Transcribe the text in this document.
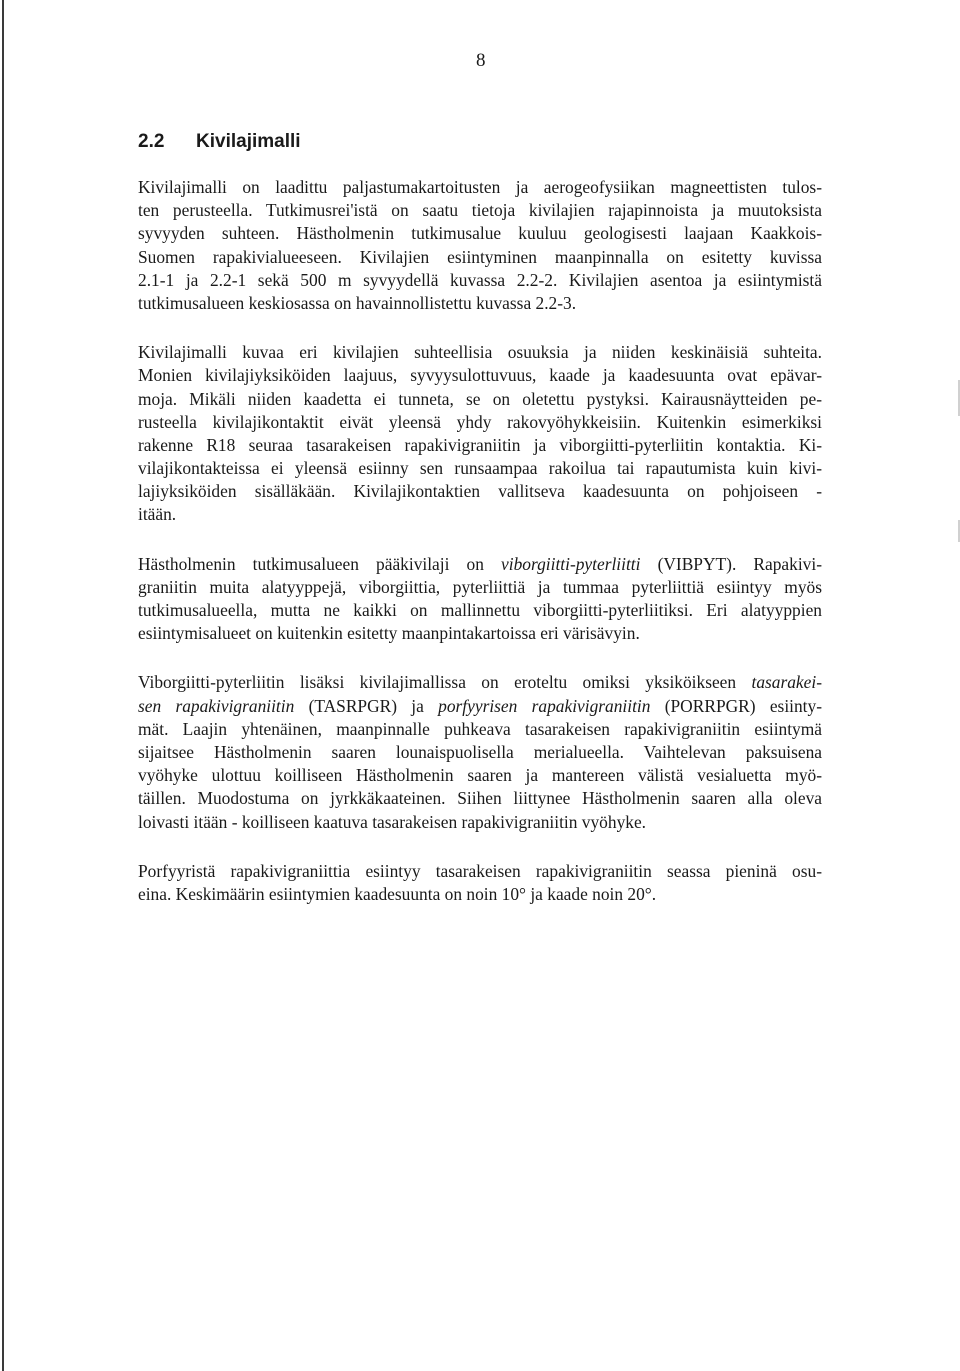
8
2.2 Kivilajimalli
Kivilajimalli on laadittu paljastumakartoitusten ja aerogeofysiikan magneettisten tulos-
ten perusteella. Tutkimusrei'istä on saatu tietoja kivilajien rajapinnoista ja muutoksista
syvyyden suhteen. Hästholmenin tutkimusalue kuuluu geologisesti laajaan Kaakkois-
Suomen rapakivialueeseen. Kivilajien esiintyminen maanpinnalla on esitetty kuvissa
2.1-1 ja 2.2-1 sekä 500 m syvyydellä kuvassa 2.2-2. Kivilajien asentoa ja esiintymistä
tutkimusalueen keskiosassa on havainnollistettu kuvassa 2.2-3.
Kivilajimalli kuvaa eri kivilajien suhteellisia osuuksia ja niiden keskinäisiä suhteita.
Monien kivilajiyksiköiden laajuus, syvyysulottuvuus, kaade ja kaadesuunta ovat epävar-
moja. Mikäli niiden kaadetta ei tunneta, se on oletettu pystyksi. Kairausnäytteiden pe-
rusteella kivilajikontaktit eivät yleensä yhdy rakovyöhykkeisiin. Kuitenkin esimerkiksi
rakenne R18 seuraa tasarakeisen rapakivigraniitin ja viborgiitti-pyterliitin kontaktia. Ki-
vilajikontakteissa ei yleensä esiinny sen runsaampaa rakoilua tai rapautumista kuin kivi-
lajiyksiköiden sisälläkään. Kivilajikontaktien vallitseva kaadesuunta on pohjoiseen -
itään.
Hästholmenin tutkimusalueen pääkivilaji on viborgiitti-pyterliitti (VIBPYT). Rapakivi-
graniitin muita alatyyppejä, viborgiittia, pyterliittiä ja tummaa pyterliittiä esiintyy myös
tutkimusalueella, mutta ne kaikki on mallinnettu viborgiitti-pyterliitiksi. Eri alatyyppien
esiintymisalueet on kuitenkin esitetty maanpintakartoissa eri värisävyin.
Viborgiitti-pyterliitin lisäksi kivilajimallissa on eroteltu omiksi yksiköikseen tasarakei-
sen rapakivigraniitin (TASRPGR) ja porfyyrisen rapakivigraniitin (PORRPGR) esiinty-
mät. Laajin yhtenäinen, maanpinnalle puhkeava tasarakeisen rapakivigraniitin esiintymä
sijaitsee Hästholmenin saaren lounaispuolisella merialueella. Vaihtelevan paksuisena
vyöhyke ulottuu koilliseen Hästholmenin saaren ja mantereen välistä vesialuetta myö-
täillen. Muodostuma on jyrkkäkaateinen. Siihen liittynee Hästholmenin saaren alla oleva
loivasti itään - koilliseen kaatuva tasarakeisen rapakivigraniitin vyöhyke.
Porfyyristä rapakivigraniittia esiintyy tasarakeisen rapakivigraniitin seassa pieninä osu-
eina. Keskimäärin esiintymien kaadesuunta on noin 10° ja kaade noin 20°.
